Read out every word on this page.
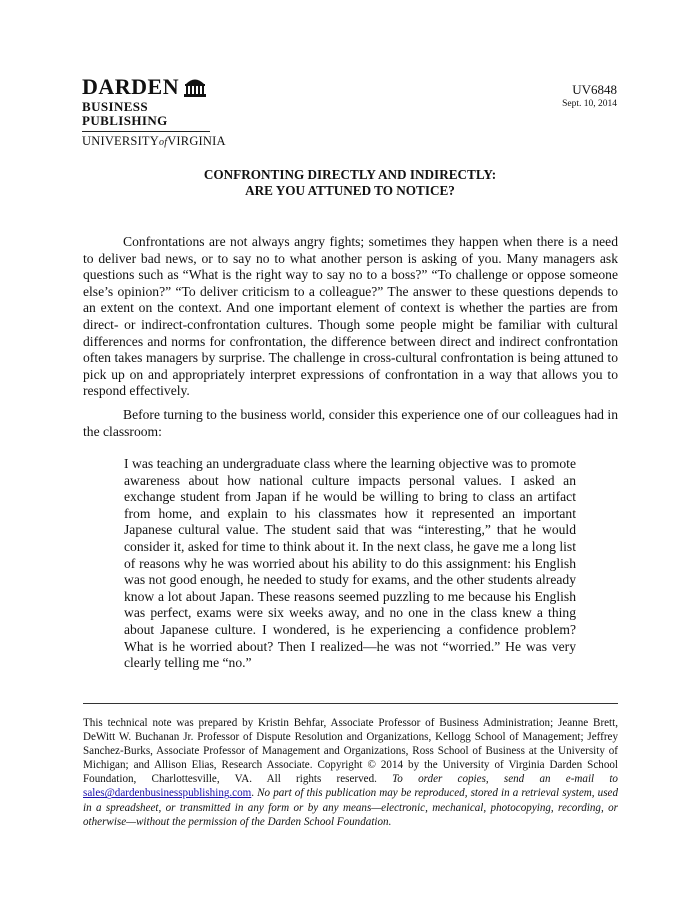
DARDEN
BUSINESS PUBLISHING
UNIVERSITYofVIRGINIA
UV6848
Sept. 10, 2014
CONFRONTING DIRECTLY AND INDIRECTLY:
ARE YOU ATTUNED TO NOTICE?

Confrontations are not always angry fights; sometimes they happen when there is a need to deliver bad news, or to say no to what another person is asking of you. Many managers ask questions such as “What is the right way to say no to a boss?” “To challenge or oppose someone else’s opinion?” “To deliver criticism to a colleague?” The answer to these questions depends to an extent on the context. And one important element of context is whether the parties are from direct- or indirect-confrontation cultures. Though some people might be familiar with cultural differences and norms for confrontation, the difference between direct and indirect confrontation often takes managers by surprise. The challenge in cross-cultural confrontation is being attuned to pick up on and appropriately interpret expressions of confrontation in a way that allows you to respond effectively.

Before turning to the business world, consider this experience one of our colleagues had in the classroom:

I was teaching an undergraduate class where the learning objective was to promote awareness about how national culture impacts personal values. I asked an exchange student from Japan if he would be willing to bring to class an artifact from home, and explain to his classmates how it represented an important Japanese cultural value. The student said that was “interesting,” that he would consider it, asked for time to think about it. In the next class, he gave me a long list of reasons why he was worried about his ability to do this assignment: his English was not good enough, he needed to study for exams, and the other students already know a lot about Japan. These reasons seemed puzzling to me because his English was perfect, exams were six weeks away, and no one in the class knew a thing about Japanese culture. I wondered, is he experiencing a confidence problem? What is he worried about? Then I realized—he was not “worried.” He was very clearly telling me “no.”

This technical note was prepared by Kristin Behfar, Associate Professor of Business Administration; Jeanne Brett, DeWitt W. Buchanan Jr. Professor of Dispute Resolution and Organizations, Kellogg School of Management; Jeffrey Sanchez-Burks, Associate Professor of Management and Organizations, Ross School of Business at the University of Michigan; and Allison Elias, Research Associate. Copyright © 2014 by the University of Virginia Darden School Foundation, Charlottesville, VA. All rights reserved. To order copies, send an e-mail to sales@dardenbusinesspublishing.com. No part of this publication may be reproduced, stored in a retrieval system, used in a spreadsheet, or transmitted in any form or by any means—electronic, mechanical, photocopying, recording, or otherwise—without the permission of the Darden School Foundation.
